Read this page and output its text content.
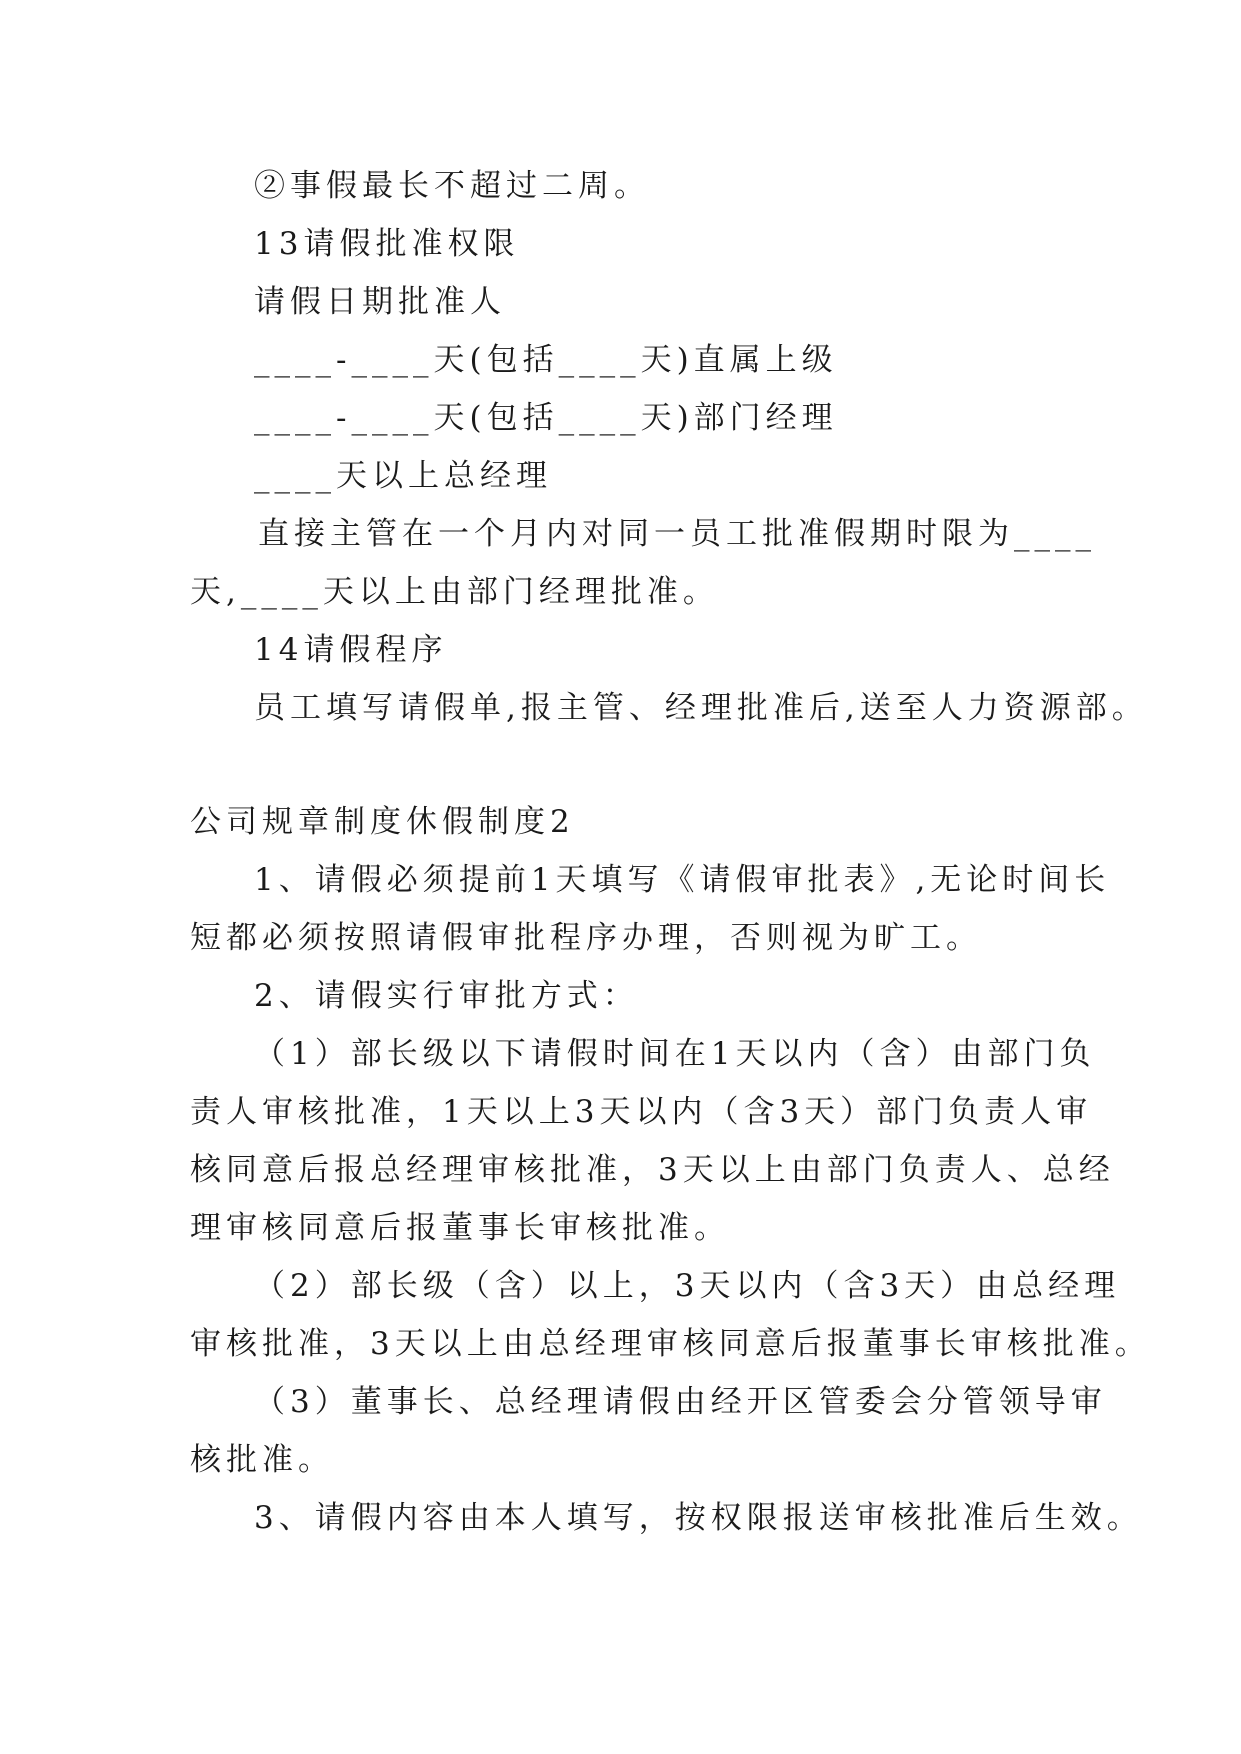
②事假最长不超过二周。
13请假批准权限
请假日期批准人
____-____天(包括____天)直属上级
____-____天(包括____天)部门经理
____天以上总经理
直接主管在一个月内对同一员工批准假期时限为____
天,____天以上由部门经理批准。
14请假程序
员工填写请假单,报主管、经理批准后,送至人力资源部。
公司规章制度休假制度2
1、请假必须提前1天填写《请假审批表》,无论时间长
短都必须按照请假审批程序办理，否则视为旷工。
2、请假实行审批方式：
（1）部长级以下请假时间在1天以内（含）由部门负
责人审核批准，1天以上3天以内（含3天）部门负责人审
核同意后报总经理审核批准，3天以上由部门负责人、总经
理审核同意后报董事长审核批准。
（2）部长级（含）以上，3天以内（含3天）由总经理
审核批准，3天以上由总经理审核同意后报董事长审核批准。
（3）董事长、总经理请假由经开区管委会分管领导审
核批准。
3、请假内容由本人填写，按权限报送审核批准后生效。
